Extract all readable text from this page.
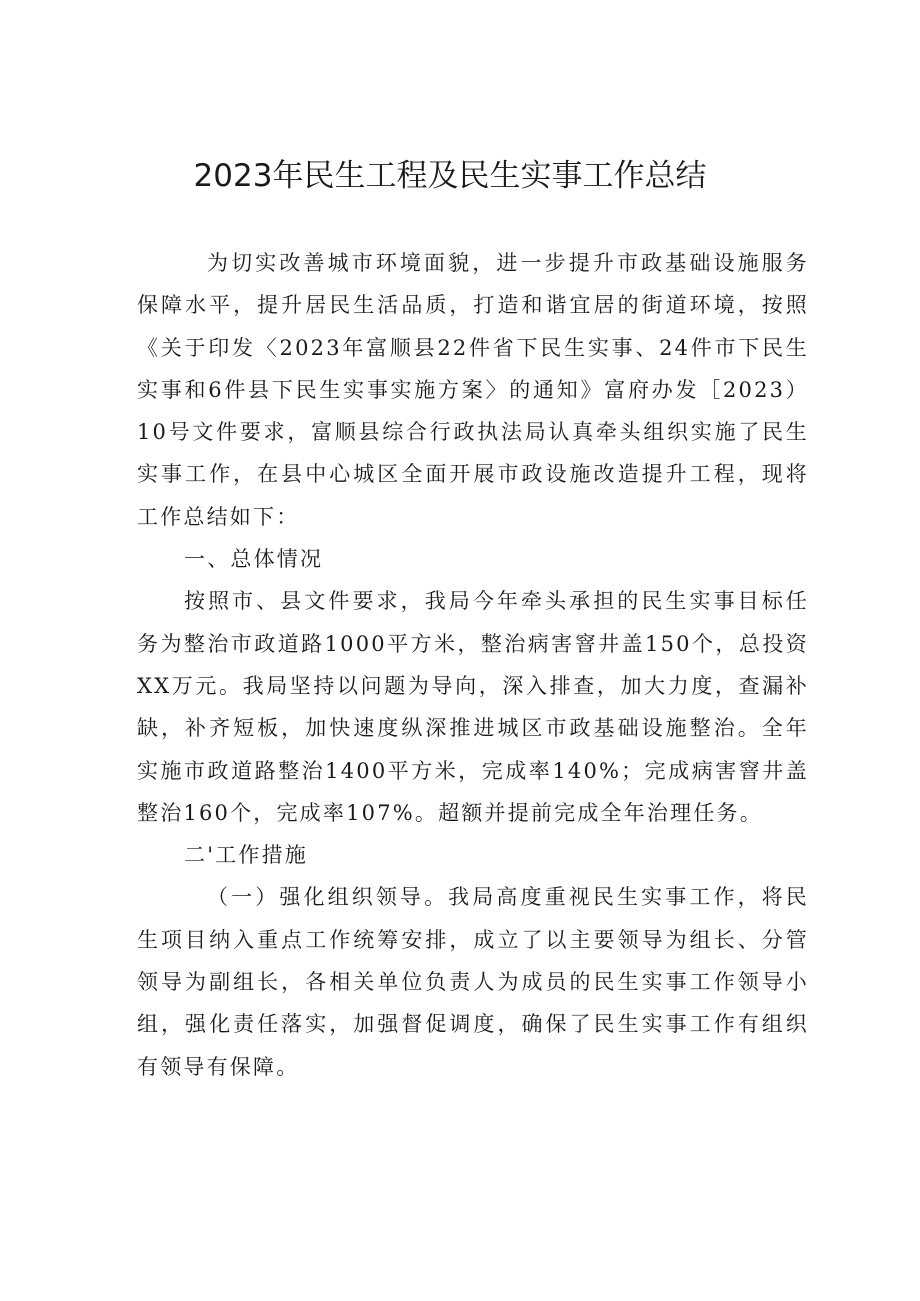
2023年民生工程及民生实事工作总结

为切实改善城市环境面貌，进一步提升市政基础设施服务保障水平，提升居民生活品质，打造和谐宜居的街道环境，按照《关于印发〈2023年富顺县22件省下民生实事、24件市下民生实事和6件县下民生实事实施方案〉的通知》富府办发［2023）10号文件要求，富顺县综合行政执法局认真牵头组织实施了民生实事工作，在县中心城区全面开展市政设施改造提升工程，现将工作总结如下：

一、总体情况

按照市、县文件要求，我局今年牵头承担的民生实事目标任务为整治市政道路1000平方米，整治病害窨井盖150个，总投资XX万元。我局坚持以问题为导向，深入排查，加大力度，查漏补缺，补齐短板，加快速度纵深推进城区市政基础设施整治。全年实施市政道路整治1400平方米，完成率140%；完成病害窨井盖整治160个，完成率107%。超额并提前完成全年治理任务。

二'工作措施

（一）强化组织领导。我局高度重视民生实事工作，将民生项目纳入重点工作统筹安排，成立了以主要领导为组长、分管领导为副组长，各相关单位负责人为成员的民生实事工作领导小组，强化责任落实，加强督促调度，确保了民生实事工作有组织有领导有保障。
